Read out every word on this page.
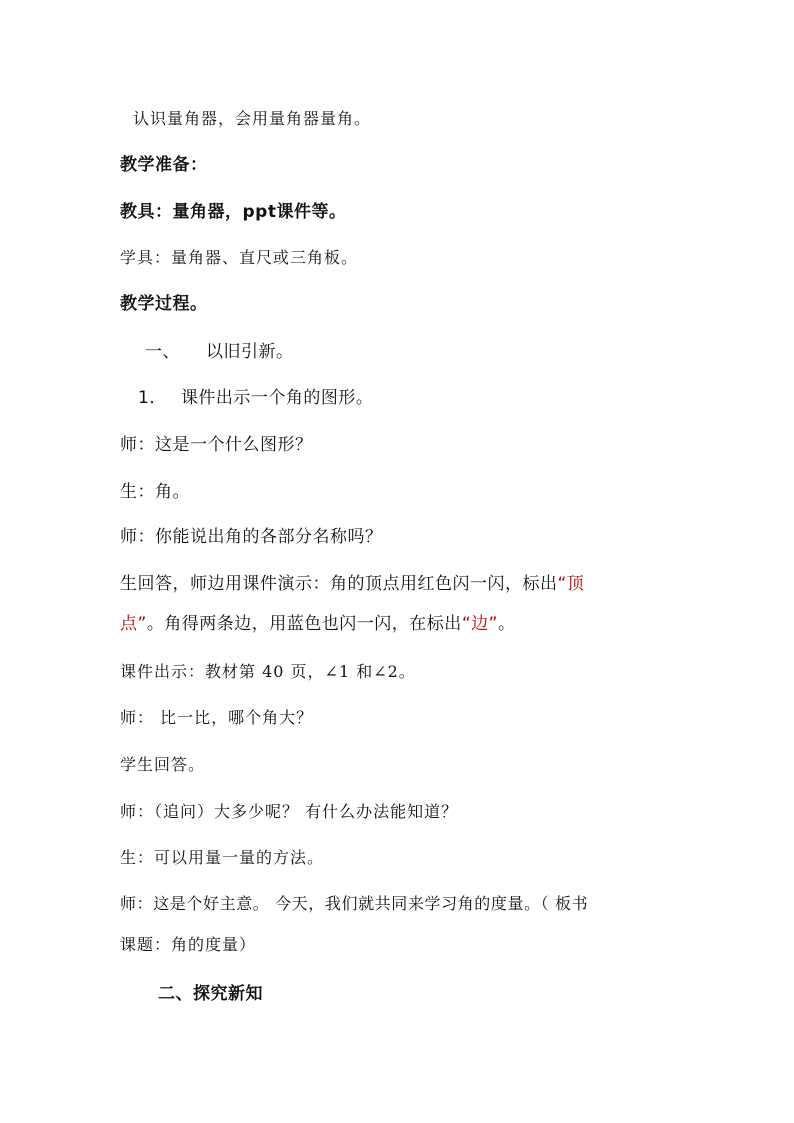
认识量角器，会用量角器量角。
教学准备：
教具：量角器，ppt课件等。
学具：量角器、直尺或三角板。
教学过程。
一、 以旧引新。
1． 课件出示一个角的图形。
师：这是一个什么图形？
生：角。
师：你能说出角的各部分名称吗？
生回答，师边用课件演示：角的顶点用红色闪一闪，标出“顶
点”。角得两条边，用蓝色也闪一闪，在标出“边”。
课件出示：教材第 40 页，∠1 和∠2。
师： 比一比，哪个角大？
学生回答。
师：（追问）大多少呢？ 有什么办法能知道？
生：可以用量一量的方法。
师：这是个好主意。 今天，我们就共同来学习角的度量。（ 板书
课题：角的度量）
二、探究新知
